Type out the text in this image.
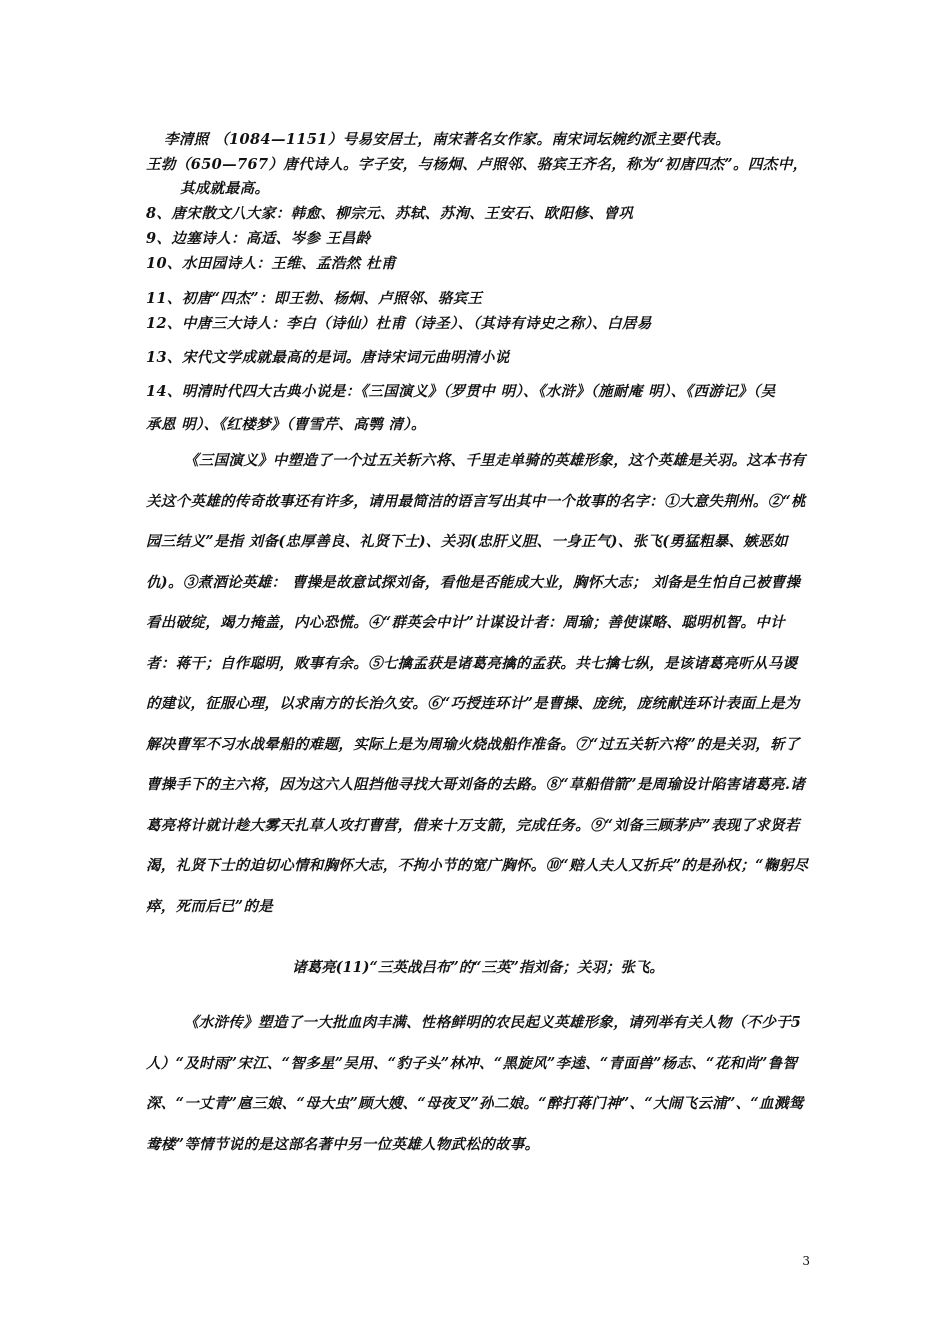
李清照 （1084—1151）号易安居士，南宋著名女作家。南宋词坛婉约派主要代表。
王勃（650—767）唐代诗人。字子安，与杨炯、卢照邻、骆宾王齐名，称为“初唐四杰”。四杰中，
其成就最高。
8、唐宋散文八大家：韩愈、柳宗元、苏轼、苏洵、王安石、欧阳修、曾巩
9、边塞诗人：高适、岑参 王昌龄
10、水田园诗人：王维、孟浩然 杜甫
11、初唐“四杰”：即王勃、杨炯、卢照邻、骆宾王
12、中唐三大诗人：李白（诗仙）杜甫（诗圣）、（其诗有诗史之称）、白居易
13、宋代文学成就最高的是词。唐诗宋词元曲明清小说
14、明清时代四大古典小说是：《三国演义》（罗贯中 明）、《水浒》（施耐庵 明）、《西游记》（吴
承恩 明）、《红楼梦》（曹雪芹、高鹗 清）。
《三国演义》中塑造了一个过五关斩六将、千里走单骑的英雄形象，这个英雄是关羽。这本书有关这个英雄的传奇故事还有许多，请用最简洁的语言写出其中一个故事的名字：①大意失荆州。②“桃园三结义”是指 刘备(忠厚善良、礼贤下士)、关羽(忠肝义胆、一身正气)、张飞(勇猛粗暴、嫉恶如仇)。③煮酒论英雄： 曹操是故意试探刘备，看他是否能成大业，胸怀大志； 刘备是生怕自己被曹操看出破绽，竭力掩盖，内心恐慌。④“群英会中计”计谋设计者：周瑜；善使谋略、聪明机智。中计者：蒋干；自作聪明，败事有余。⑤七擒孟获是诸葛亮擒的孟获。共七擒七纵，是该诸葛亮听从马谡的建议，征服心理，以求南方的长治久安。⑥“巧授连环计”是曹操、庞统，庞统献连环计表面上是为解决曹军不习水战晕船的难题，实际上是为周瑜火烧战船作准备。⑦“过五关斩六将”的是关羽，斩了曹操手下的主六将，因为这六人阻挡他寻找大哥刘备的去路。⑧“草船借箭”是周瑜设计陷害诸葛亮.诸葛亮将计就计趁大雾天扎草人攻打曹营，借来十万支箭，完成任务。⑨“刘备三顾茅庐”表现了求贤若渴，礼贤下士的迫切心情和胸怀大志，不拘小节的宽广胸怀。⑩“赔人夫人又折兵”的是孙权；“鞠躬尽瘁，死而后已”的是
诸葛亮(11)“三英战吕布”的“三英”指刘备；关羽；张飞。
《水浒传》塑造了一大批血肉丰满、性格鲜明的农民起义英雄形象，请列举有关人物（不少于5人）“及时雨”宋江、“智多星”吴用、“豹子头”林冲、“黑旋风”李逵、“青面兽”杨志、“花和尚”鲁智深、“一丈青”扈三娘、“母大虫”顾大嫂、“母夜叉”孙二娘。“醉打蒋门神”、“大闹飞云浦”、“血溅鸳鸯楼”等情节说的是这部名著中另一位英雄人物武松的故事。
3
